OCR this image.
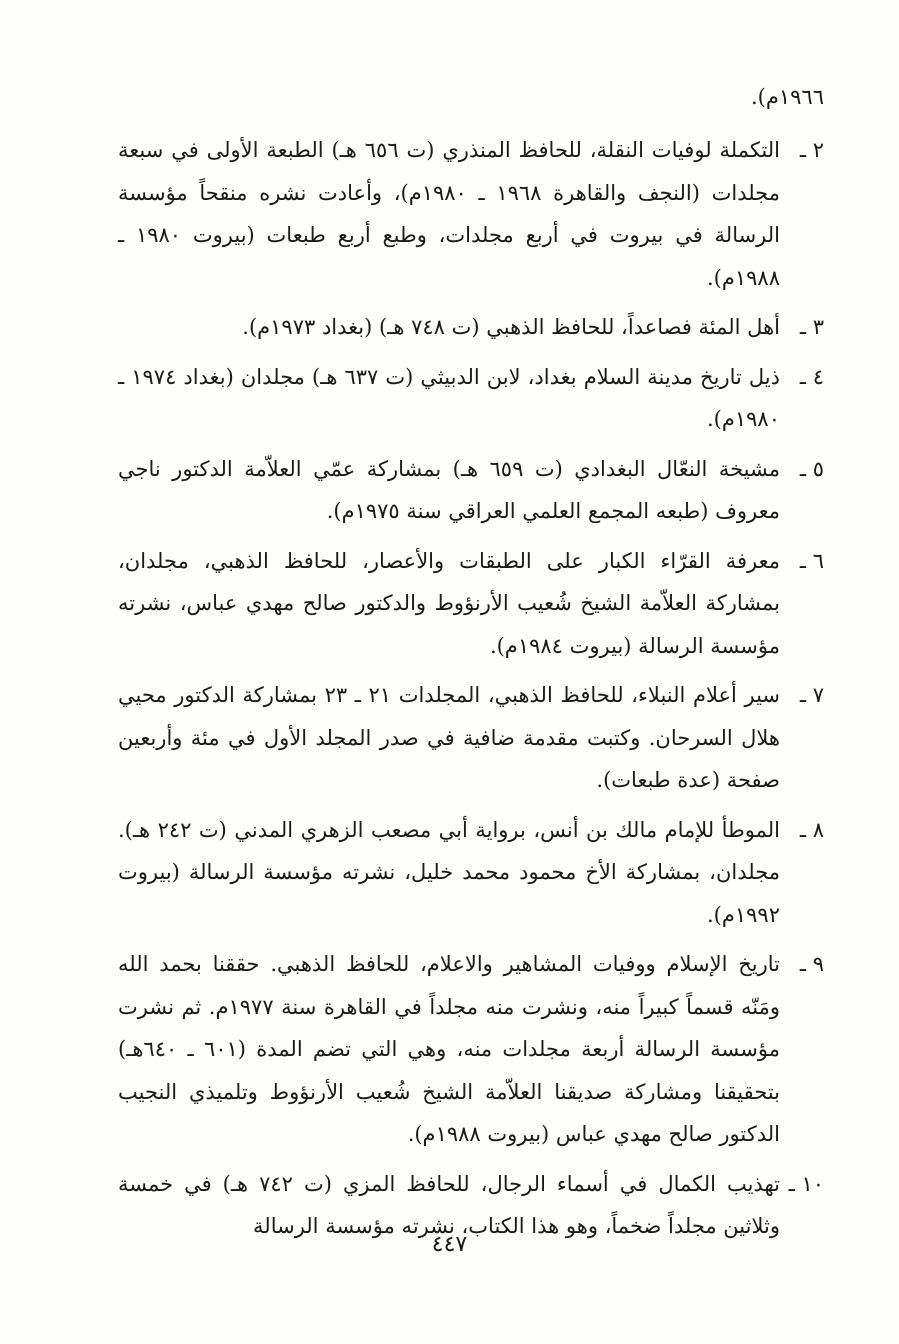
١٩٦٦م).

٢ ـ
التكملة لوفيات النقلة، للحافظ المنذري (ت ٦٥٦ هـ) الطبعة الأولى في سبعة مجلدات (النجف والقاهرة ١٩٦٨ ـ ١٩٨٠م)، وأعادت نشره منقحاً مؤسسة الرسالة في بيروت في أربع مجلدات، وطبع أربع طبعات (بيروت ١٩٨٠ ـ ١٩٨٨م).
٣ ـ
أهل المئة فصاعداً، للحافظ الذهبي (ت ٧٤٨ هـ) (بغداد ١٩٧٣م).
٤ ـ
ذيل تاريخ مدينة السلام بغداد، لابن الدبيثي (ت ٦٣٧ هـ) مجلدان (بغداد ١٩٧٤ ـ ١٩٨٠م).
٥ ـ
مشيخة النعّال البغدادي (ت ٦٥٩ هـ) بمشاركة عمّي العلاّمة الدكتور ناجي معروف (طبعه المجمع العلمي العراقي سنة ١٩٧٥م).
٦ ـ
معرفة القرّاء الكبار على الطبقات والأعصار، للحافظ الذهبي، مجلدان، بمشاركة العلاّمة الشيخ شُعيب الأرنؤوط والدكتور صالح مهدي عباس، نشرته مؤسسة الرسالة (بيروت ١٩٨٤م).
٧ ـ
سير أعلام النبلاء، للحافظ الذهبي، المجلدات ٢١ ـ ٢٣ بمشاركة الدكتور محيي هلال السرحان. وكتبت مقدمة ضافية في صدر المجلد الأول في مئة وأربعين صفحة (عدة طبعات).
٨ ـ
الموطأ للإمام مالك بن أنس، برواية أبي مصعب الزهري المدني (ت ٢٤٢ هـ). مجلدان، بمشاركة الأخ محمود محمد خليل، نشرته مؤسسة الرسالة (بيروت ١٩٩٢م).
٩ ـ
تاريخ الإسلام ووفيات المشاهير والاعلام، للحافظ الذهبي. حققنا بحمد الله ومَنّه قسماً كبيراً منه، ونشرت منه مجلداً في القاهرة سنة ١٩٧٧م. ثم نشرت مؤسسة الرسالة أربعة مجلدات منه، وهي التي تضم المدة (٦٠١ ـ ٦٤٠هـ) بتحقيقنا ومشاركة صديقنا العلاّمة الشيخ شُعيب الأرنؤوط وتلميذي النجيب الدكتور صالح مهدي عباس (بيروت ١٩٨٨م).
١٠ ـ
تهذيب الكمال في أسماء الرجال، للحافظ المزي (ت ٧٤٢ هـ) في خمسة وثلاثين مجلداً ضخماً، وهو هذا الكتاب، نشرته مؤسسة الرسالة
٤٤٧
